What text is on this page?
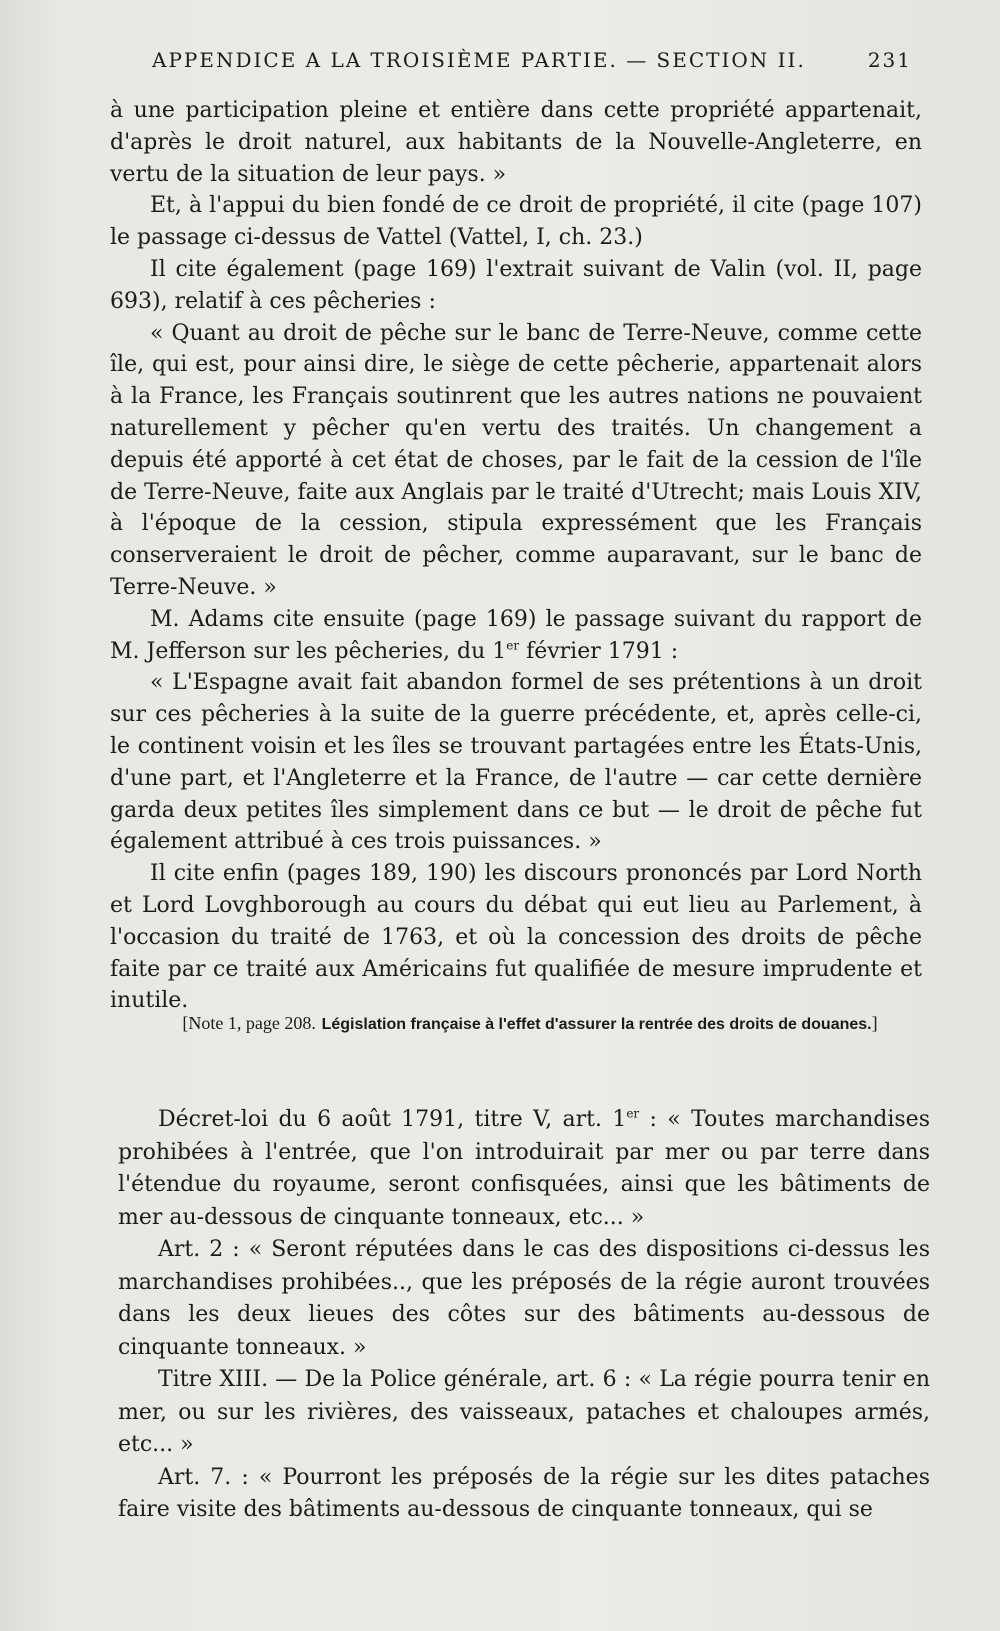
APPENDICE A LA TROISIÈME PARTIE. — SECTION II.	231

à une participation pleine et entière dans cette propriété appartenait, d'après le droit naturel, aux habitants de la Nouvelle-Angleterre, en vertu de la situation de leur pays. »

Et, à l'appui du bien fondé de ce droit de propriété, il cite (page 107) le passage ci-dessus de Vattel (Vattel, I, ch. 23.)

Il cite également (page 169) l'extrait suivant de Valin (vol. II, page 693), relatif à ces pêcheries :

« Quant au droit de pêche sur le banc de Terre-Neuve, comme cette île, qui est, pour ainsi dire, le siège de cette pêcherie, appartenait alors à la France, les Français soutinrent que les autres nations ne pouvaient naturellement y pêcher qu'en vertu des traités. Un changement a depuis été apporté à cet état de choses, par le fait de la cession de l'île de Terre-Neuve, faite aux Anglais par le traité d'Utrecht; mais Louis XIV, à l'époque de la cession, stipula expressément que les Français conserveraient le droit de pêcher, comme auparavant, sur le banc de Terre-Neuve. »

M. Adams cite ensuite (page 169) le passage suivant du rapport de M. Jefferson sur les pêcheries, du 1er février 1791 :

« L'Espagne avait fait abandon formel de ses prétentions à un droit sur ces pêcheries à la suite de la guerre précédente, et, après celle-ci, le continent voisin et les îles se trouvant partagées entre les États-Unis, d'une part, et l'Angleterre et la France, de l'autre — car cette dernière garda deux petites îles simplement dans ce but — le droit de pêche fut également attribué à ces trois puissances. »

Il cite enfin (pages 189, 190) les discours prononcés par Lord North et Lord Lovghborough au cours du débat qui eut lieu au Parlement, à l'occasion du traité de 1763, et où la concession des droits de pêche faite par ce traité aux Américains fut qualifiée de mesure imprudente et inutile.

[Note 1, page 208. Législation française à l'effet d'assurer la rentrée des droits de douanes.]

Décret-loi du 6 août 1791, titre V, art. 1er : « Toutes marchandises prohibées à l'entrée, que l'on introduirait par mer ou par terre dans l'étendue du royaume, seront confisquées, ainsi que les bâtiments de mer au-dessous de cinquante tonneaux, etc... »

Art. 2 : « Seront réputées dans le cas des dispositions ci-dessus les marchandises prohibées.., que les préposés de la régie auront trouvées dans les deux lieues des côtes sur des bâtiments au-dessous de cinquante tonneaux. »

Titre XIII. — De la Police générale, art. 6 : « La régie pourra tenir en mer, ou sur les rivières, des vaisseaux, pataches et chaloupes armés, etc... »

Art. 7. : « Pourront les préposés de la régie sur les dites pataches faire visite des bâtiments au-dessous de cinquante tonneaux, qui se
